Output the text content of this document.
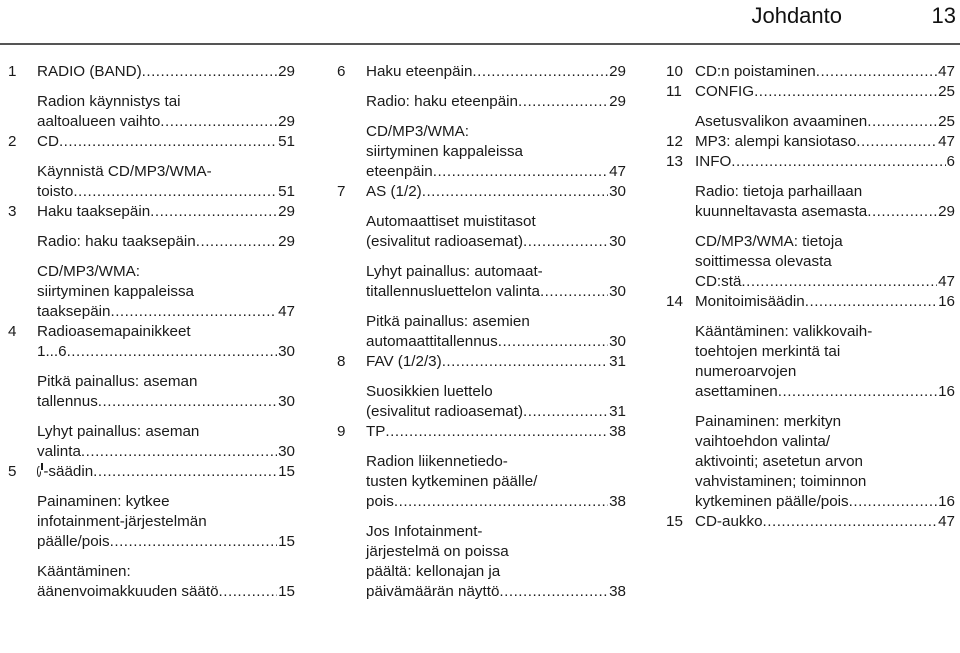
Johdanto	13
1	RADIO (BAND) .....	29
Radion käynnistys tai
aaltoalueen vaihto .....	29
2	CD .....	51
Käynnistä CD/MP3/WMA-
toisto .....	51
3	Haku taaksepäin .....	29
Radio: haku taaksepäin .....	29
CD/MP3/WMA:
siirtyminen kappaleissa
taaksepäin .....	47
4	Radioasemapainikkeet
1...6 .....	30
Pitkä painallus: aseman
tallennus .....	30
Lyhyt painallus: aseman
valinta .....	30
5	-säädin .....	15
Painaminen: kytkee
infotainment-järjestelmän
päälle/pois .....	15
Kääntäminen:
äänenvoimakkuuden säätö .....	15
6	Haku eteenpäin .....	29
Radio: haku eteenpäin .....	29
CD/MP3/WMA:
siirtyminen kappaleissa
eteenpäin .....	47
7	AS (1/2) .....	30
Automaattiset muistitasot
(esivalitut radioasemat) .....	30
Lyhyt painallus: automaat-
titallennusluettelon valinta .....	30
Pitkä painallus: asemien
automaattitallennus .....	30
8	FAV (1/2/3) .....	31
Suosikkien luettelo
(esivalitut radioasemat) .....	31
9	TP .....	38
Radion liikennetiedo-
tusten kytkeminen päälle/
pois .....	38
Jos Infotainment-
järjestelmä on poissa
päältä: kellonajan ja
päivämäärän näyttö .....	38
10 CD:n poistaminen .....	47
11 CONFIG .....	25
Asetusvalikon avaaminen .....	25
12 MP3: alempi kansiotaso .....	47
13 INFO .....	6
Radio: tietoja parhaillaan
kuunneltavasta asemasta .....	29
CD/MP3/WMA: tietoja
soittimessa olevasta
CD:stä .....	47
14 Monitoimisäädin .....	16
Kääntäminen: valikkovaih-
toehtojen merkintä tai
numeroarvojen
asettaminen .....	16
Painaminen: merkityn
vaihtoehdon valinta/
aktivointi; asetetun arvon
vahvistaminen; toiminnon
kytkeminen päälle/pois .....	16
15 CD-aukko .....	47
